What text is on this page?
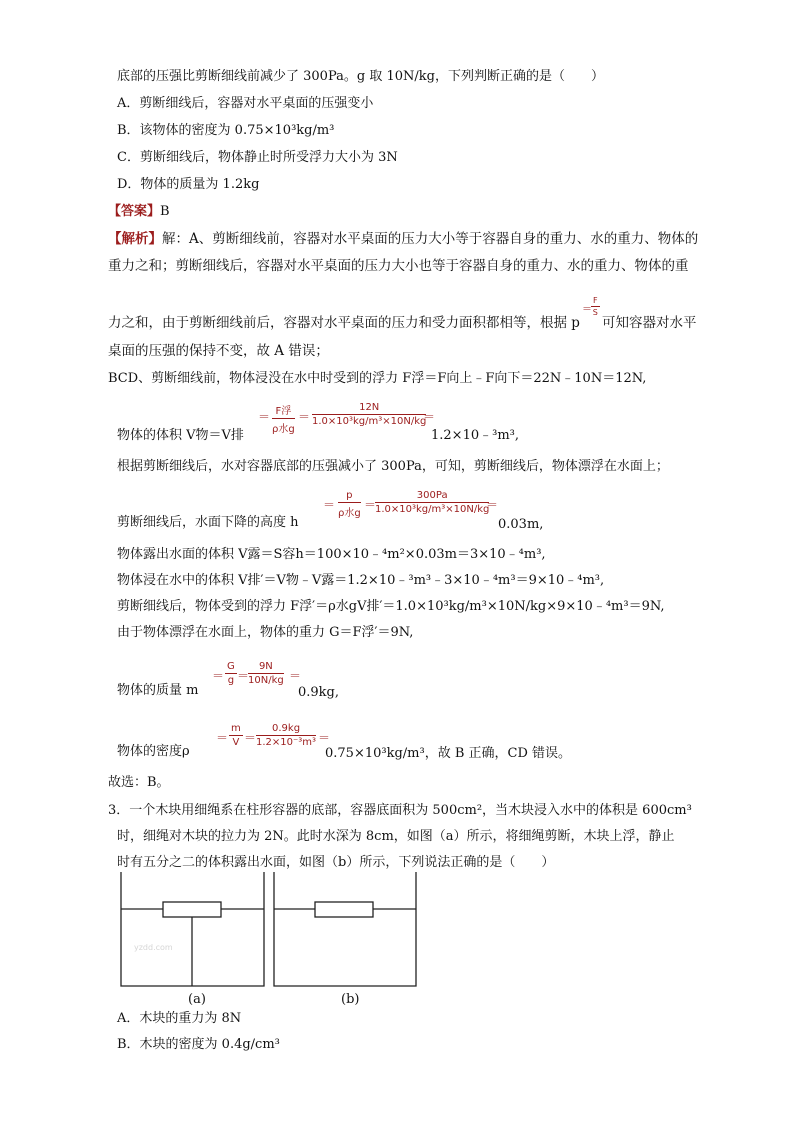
底部的压强比剪断细线前减少了 300Pa。g 取 10N/kg，下列判断正确的是（　　）
A．剪断细线后，容器对水平桌面的压强变小
B．该物体的密度为 0.75×10³kg/m³
C．剪断细线后，物体静止时所受浮力大小为 3N
D．物体的质量为 1.2kg
【答案】B
【解析】解：A、剪断细线前，容器对水平桌面的压力大小等于容器自身的重力、水的重力、物体的
重力之和；剪断细线后，容器对水平桌面的压力大小也等于容器自身的重力、水的重力、物体的重
力之和，由于剪断细线前后，容器对水平桌面的压力和受力面积都相等，根据 p
$\frac{F}{S}$
＝
可知容器对水平
桌面的压强的保持不变，故 A 错误；
BCD、剪断细线前，物体浸没在水中时受到的浮力 F浮＝F向上﹣F向下＝22N﹣10N＝12N,
物体的体积 V物＝V排
＝ F浮
ρ水g
＝ $\frac{12N}{\text{1.0×10³kg/m³×10N/kg}}$
＝
1.2×10﹣³m³,
根据剪断细线后，水对容器底部的压强减小了 300Pa，可知，剪断细线后，物体漂浮在水面上；
剪断细线后，水面下降的高度 h
＝
p
ρ水g
＝
$\frac{300Pa}{\text{1.0×10³kg/m³×10N/kg}}$
＝
0.03m,
物体露出水面的体积 V露＝S容h＝100×10﹣⁴m²×0.03m＝3×10﹣⁴m³,
物体浸在水中的体积 V排′＝V物﹣V露＝1.2×10﹣³m³﹣3×10﹣⁴m³＝9×10﹣⁴m³,
剪断细线后，物体受到的浮力 F浮′＝ρ水gV排′＝1.0×10³kg/m³×10N/kg×9×10﹣⁴m³＝9N,
由于物体漂浮在水面上，物体的重力 G＝F浮′＝9N,
物体的质量 m
＝ $\frac{G}{g}$ ＝
$\frac{9N}{10N/kg}$ ＝
0.9kg,
物体的密度ρ
＝ $\frac{m}{V} = \frac{0.9kg}{\text{1.2×10⁻³m³}}$ ＝
0.75×10³kg/m³，故 B 正确，CD 错误。
故选：B。
3．一个木块用细绳系在柱形容器的底部，容器底面积为 500cm²，当木块浸入水中的体积是 600cm³
时，细绳对木块的拉力为 2N。此时水深为 8cm，如图（a）所示，将细绳剪断，木块上浮，静止
时有五分之二的体积露出水面，如图（b）所示，下列说法正确的是（　　）
yzdd.com
(a)	(b)
A．木块的重力为 8N
B．木块的密度为 0.4g/cm³
